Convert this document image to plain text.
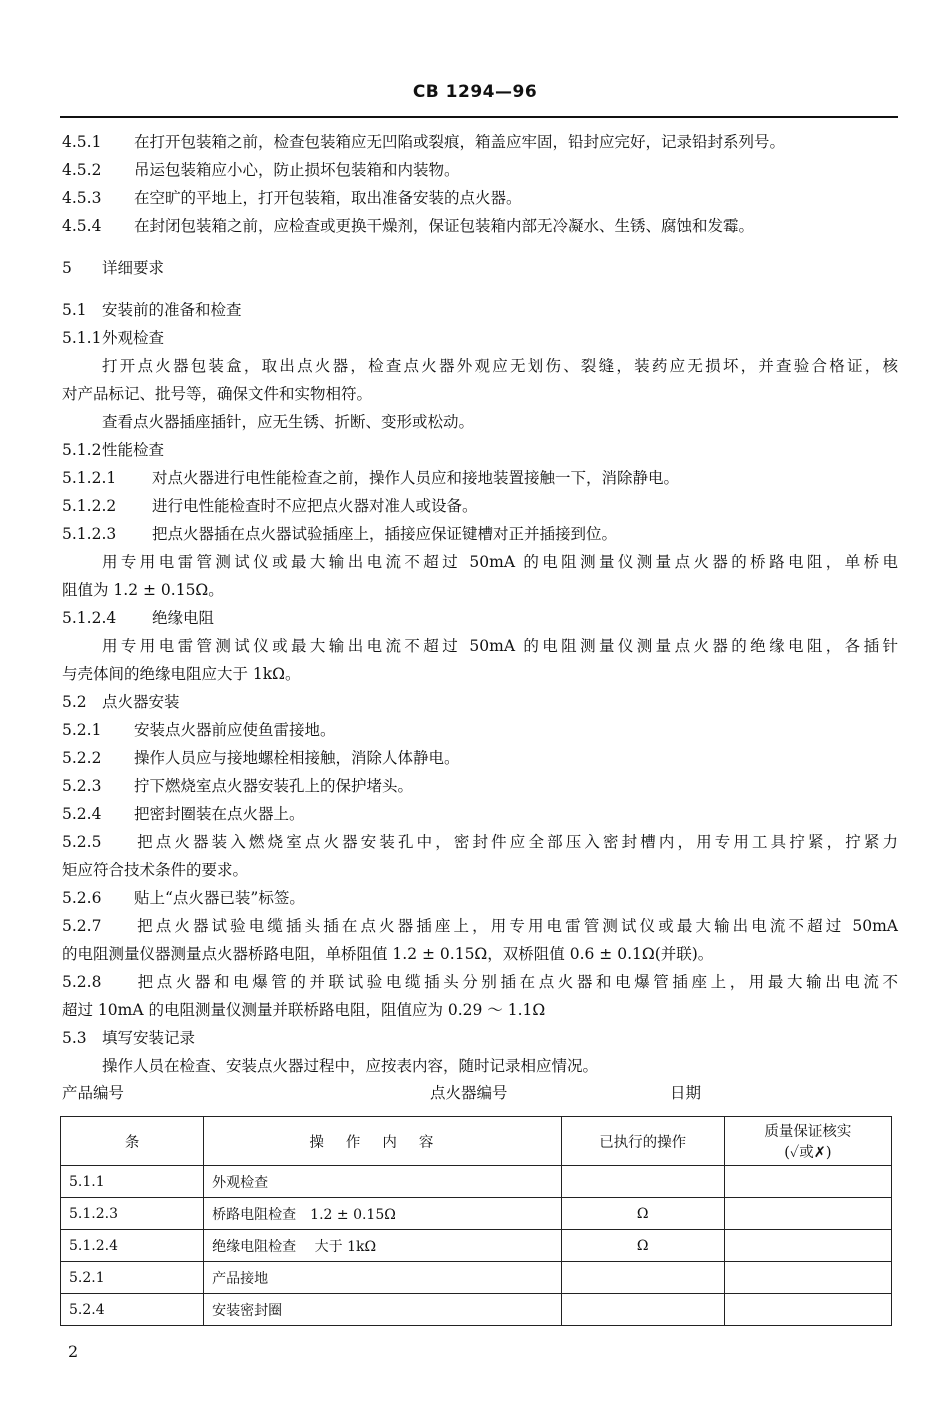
CB 1294—96
4.5.1 在打开包装箱之前，检查包装箱应无凹陷或裂痕，箱盖应牢固，铅封应完好，记录铅封系列号。
4.5.2 吊运包装箱应小心，防止损坏包装箱和内装物。
4.5.3 在空旷的平地上，打开包装箱，取出准备安装的点火器。
4.5.4 在封闭包装箱之前，应检查或更换干燥剂，保证包装箱内部无冷凝水、生锈、腐蚀和发霉。
5 详细要求
5.1 安装前的准备和检查
5.1.1外观检查
打开点火器包装盒，取出点火器，检查点火器外观应无划伤、裂缝，装药应无损坏，并查验合格证，核
对产品标记、批号等，确保文件和实物相符。
查看点火器插座插针，应无生锈、折断、变形或松动。
5.1.2性能检查
5.1.2.1 对点火器进行电性能检查之前，操作人员应和接地装置接触一下，消除静电。
5.1.2.2 进行电性能检查时不应把点火器对准人或设备。
5.1.2.3 把点火器插在点火器试验插座上，插接应保证键槽对正并插接到位。
用专用电雷管测试仪或最大输出电流不超过 50mA 的电阻测量仪测量点火器的桥路电阻，单桥电
阻值为 1.2 ± 0.15Ω。
5.1.2.4 绝缘电阻
用专用电雷管测试仪或最大输出电流不超过 50mA 的电阻测量仪测量点火器的绝缘电阻，各插针
与壳体间的绝缘电阻应大于 1kΩ。
5.2 点火器安装
5.2.1 安装点火器前应使鱼雷接地。
5.2.2 操作人员应与接地螺栓相接触，消除人体静电。
5.2.3 拧下燃烧室点火器安装孔上的保护堵头。
5.2.4 把密封圈装在点火器上。
5.2.5 把点火器装入燃烧室点火器安装孔中，密封件应全部压入密封槽内，用专用工具拧紧，拧紧力
矩应符合技术条件的要求。
5.2.6 贴上“点火器已装”标签。
5.2.7 把点火器试验电缆插头插在点火器插座上，用专用电雷管测试仪或最大输出电流不超过 50mA
的电阻测量仪器测量点火器桥路电阻，单桥阻值 1.2 ± 0.15Ω，双桥阻值 0.6 ± 0.1Ω(并联)。
5.2.8 把点火器和电爆管的并联试验电缆插头分别插在点火器和电爆管插座上，用最大输出电流不
超过 10mA 的电阻测量仪测量并联桥路电阻，阻值应为 0.29 ～ 1.1Ω
5.3 填写安装记录
操作人员在检查、安装点火器过程中，应按表内容，随时记录相应情况。
产品编号	点火器编号	日期
条	操作内容	已执行的操作	质量保证核实
(✓或✗)

5.1.1	外观检查		
5.1.2.3	桥路电阻检查　1.2 ± 0.15Ω	Ω	
5.1.2.4	绝缘电阻检查　 大于 1kΩ	Ω	
5.2.1	产品接地		
5.2.4	安装密封圈		
2
